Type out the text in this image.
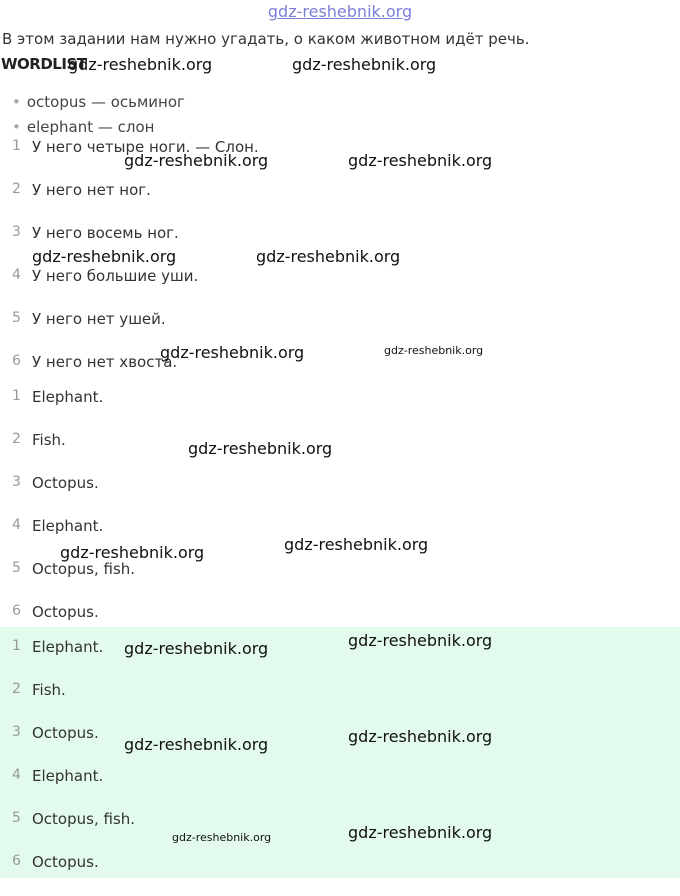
gdz-reshebnik.org
В этом задании нам нужно угадать, о каком животном идёт речь.
WORDLIST
• octopus — осьминог
• elephant — слон
1 У него четыре ноги. — Слон.
2 У него нет ног.
3 У него восемь ног.
4 У него большие уши.
5 У него нет ушей.
6 У него нет хвоста.
1 Elephant.
2 Fish.
3 Octopus.
4 Elephant.
5 Octopus, fish.
6 Octopus.
1 Elephant.
2 Fish.
3 Octopus.
4 Elephant.
5 Octopus, fish.
6 Octopus.
gdz-reshebnik.org	gdz-reshebnik.org
gdz-reshebnik.org	gdz-reshebnik.org
gdz-reshebnik.org	gdz-reshebnik.org
gdz-reshebnik.org	gdz-reshebnik.org
gdz-reshebnik.org
gdz-reshebnik.org	gdz-reshebnik.org
gdz-reshebnik.org	gdz-reshebnik.org
gdz-reshebnik.org	gdz-reshebnik.org
gdz-reshebnik.org	gdz-reshebnik.org
